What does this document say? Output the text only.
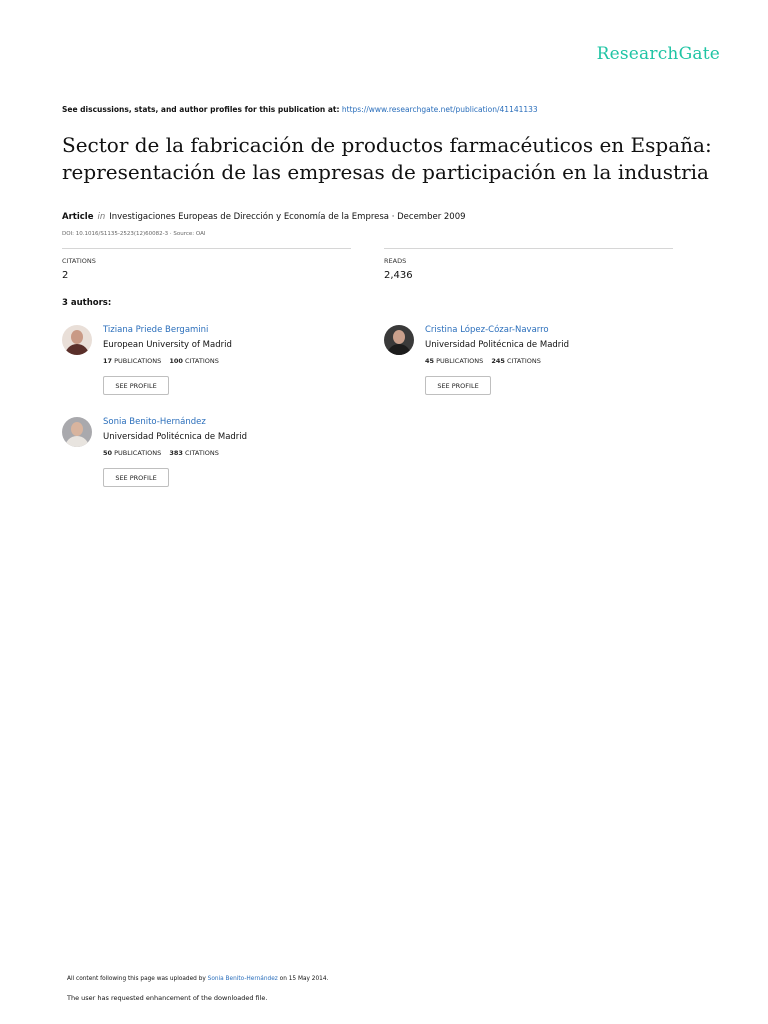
ResearchGate
See discussions, stats, and author profiles for this publication at: https://www.researchgate.net/publication/41141133
Sector de la fabricación de productos farmacéuticos en España: representación de las empresas de participación en la industria
Article in Investigaciones Europeas de Dirección y Economía de la Empresa · December 2009
DOI: 10.1016/S1135-2523(12)60082-3 · Source: OAI
CITATIONS
2
READS
2,436
3 authors:
Tiziana Priede Bergamini
European University of Madrid
17 PUBLICATIONS 100 CITATIONS
SEE PROFILE
Cristina López-Cózar-Navarro
Universidad Politécnica de Madrid
45 PUBLICATIONS 245 CITATIONS
SEE PROFILE
Sonia Benito-Hernández
Universidad Politécnica de Madrid
50 PUBLICATIONS 383 CITATIONS
SEE PROFILE
All content following this page was uploaded by Sonia Benito-Hernández on 15 May 2014.
The user has requested enhancement of the downloaded file.
